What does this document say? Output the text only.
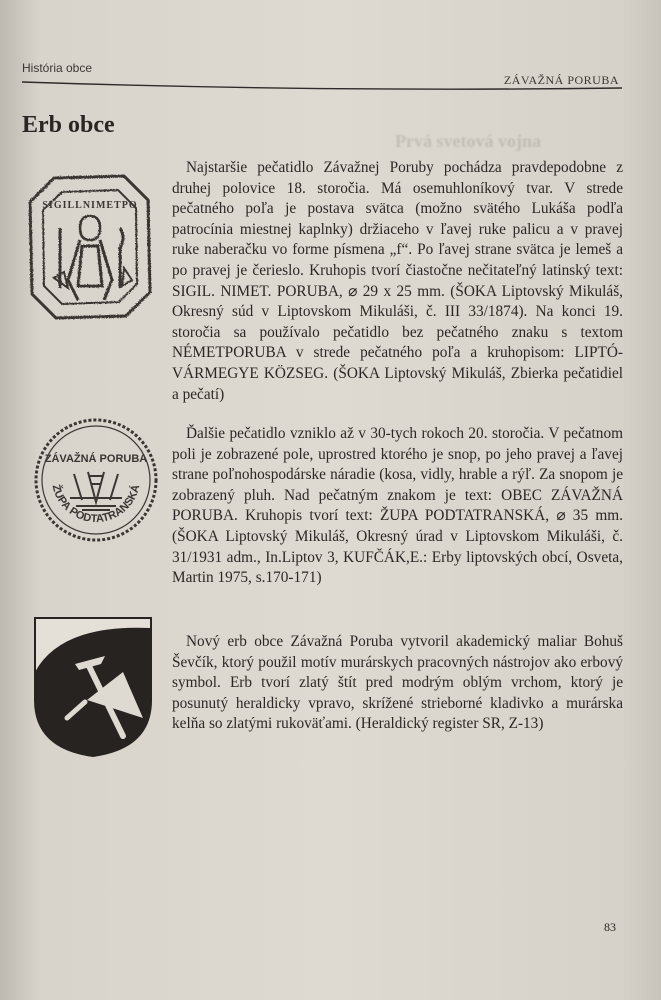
História obce
ZÁVAŽNÁ PORUBA
Erb obce

Prvá svetová vojna

SIGILLNIMETPO
ZÁVAŽNÁ PORUBA
ŽUPA PODTATRANSKÁ
Najstaršie pečatidlo Závažnej Poruby pochádza pravdepodobne z druhej polovice 18. storočia. Má osemuhloníkový tvar. V strede pečatného poľa je postava svätca (možno svätého Lukáša podľa patrocínia miestnej kaplnky) držiaceho v ľavej ruke palicu a v pravej ruke naberačku vo forme písmena „f“. Po ľavej strane svätca je lemeš a po pravej je čerieslo. Kruhopis tvorí čiastočne nečitateľný latinský text: SIGIL. NIMET. PORUBA, ⌀ 29 x 25 mm. (ŠOKA Liptovský Mikuláš, Okresný súd v Liptovskom Mikuláši, č. III 33/1874). Na konci 19. storočia sa používalo pečatidlo bez pečatného znaku s textom NÉMETPORUBA v strede pečatného poľa a kruhopisom: LIPTÓ-VÁRMEGYE KÖZSEG. (ŠOKA Liptovský Mikuláš, Zbierka pečatidiel a pečatí)
Ďalšie pečatidlo vzniklo až v 30-tych rokoch 20. storočia. V pečatnom poli je zobrazené pole, uprostred ktorého je snop, po jeho pravej a ľavej strane poľnohospodárske náradie (kosa, vidly, hrable a rýľ. Za snopom je zobrazený pluh. Nad pečatným znakom je text: OBEC ZÁVAŽNÁ PORUBA. Kruhopis tvorí text: ŽUPA PODTATRANSKÁ, ⌀ 35 mm. (ŠOKA Liptovský Mikuláš, Okresný úrad v Liptovskom Mikuláši, č. 31/1931 adm., In.Liptov 3, KUFČÁK,E.: Erby liptovských obcí, Osveta, Martin 1975, s.170-171)
Nový erb obce Závažná Poruba vytvoril akademický maliar Bohuš Ševčík, ktorý použil motív murárskych pracovných nástrojov ako erbový symbol. Erb tvorí zlatý štít pred modrým oblým vrchom, ktorý je posunutý heraldicky vpravo, skrížené strieborné kladivko a murárska kelňa so zlatými rukoväťami. (Heraldický register SR, Z-13)
83
